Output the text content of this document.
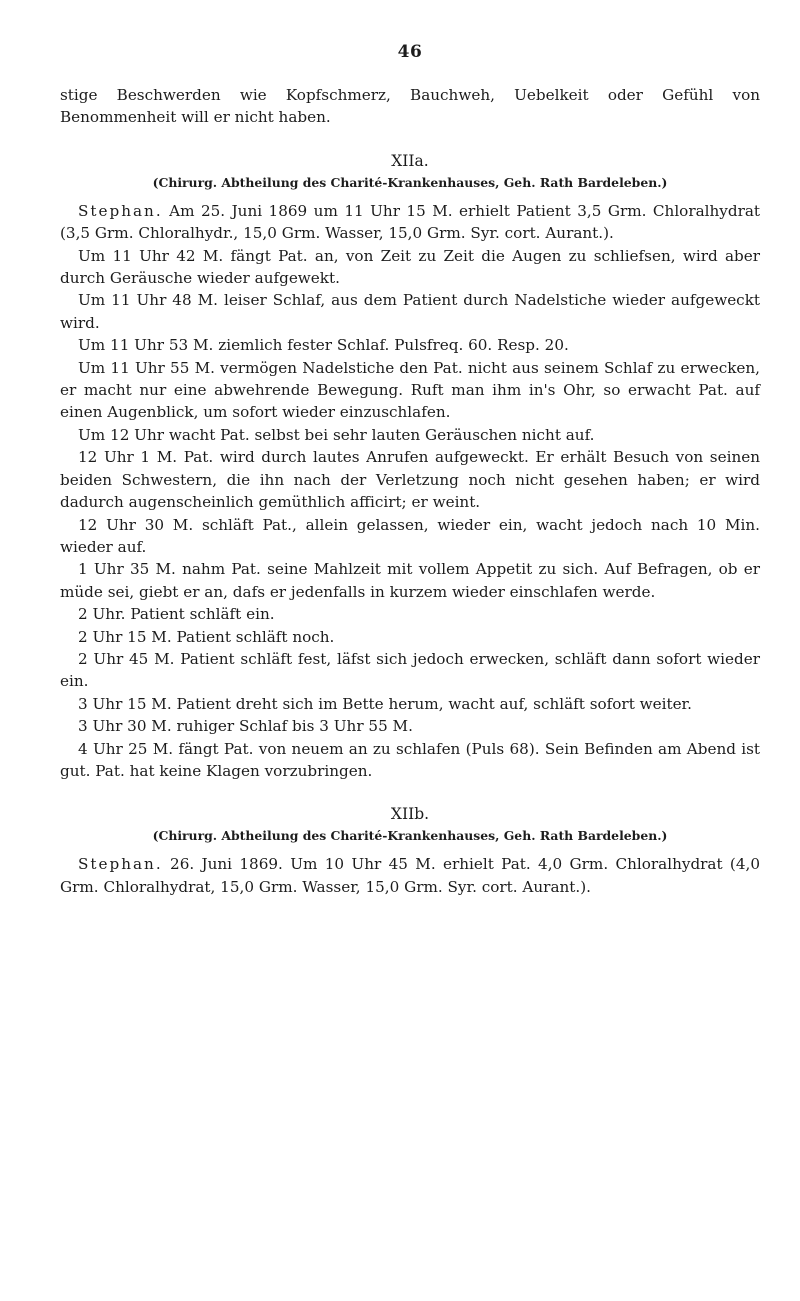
46

stige Beschwerden wie Kopfschmerz, Bauchweh, Uebelkeit oder Gefühl von Benommenheit will er nicht haben.

XIIa.

(Chirurg. Abtheilung des Charité-Krankenhauses, Geh. Rath Bardeleben.)

Stephan. Am 25. Juni 1869 um 11 Uhr 15 M. erhielt Patient 3,5 Grm. Chloralhydrat (3,5 Grm. Chloralhydr., 15,0 Grm. Wasser, 15,0 Grm. Syr. cort. Aurant.).

Um 11 Uhr 42 M. fängt Pat. an, von Zeit zu Zeit die Augen zu schliefsen, wird aber durch Geräusche wieder aufgewekt.

Um 11 Uhr 48 M. leiser Schlaf, aus dem Patient durch Nadelstiche wieder aufgeweckt wird.

Um 11 Uhr 53 M. ziemlich fester Schlaf. Pulsfreq. 60. Resp. 20.

Um 11 Uhr 55 M. vermögen Nadelstiche den Pat. nicht aus seinem Schlaf zu erwecken, er macht nur eine abwehrende Bewegung. Ruft man ihm in's Ohr, so erwacht Pat. auf einen Augenblick, um sofort wieder einzuschlafen.

Um 12 Uhr wacht Pat. selbst bei sehr lauten Geräuschen nicht auf.

12 Uhr 1 M. Pat. wird durch lautes Anrufen aufgeweckt. Er erhält Besuch von seinen beiden Schwestern, die ihn nach der Verletzung noch nicht gesehen haben; er wird dadurch augenscheinlich gemüthlich afficirt; er weint.

12 Uhr 30 M. schläft Pat., allein gelassen, wieder ein, wacht jedoch nach 10 Min. wieder auf.

1 Uhr 35 M. nahm Pat. seine Mahlzeit mit vollem Appetit zu sich. Auf Befragen, ob er müde sei, giebt er an, dafs er jedenfalls in kurzem wieder einschlafen werde.

2 Uhr. Patient schläft ein.

2 Uhr 15 M. Patient schläft noch.

2 Uhr 45 M. Patient schläft fest, läfst sich jedoch erwecken, schläft dann sofort wieder ein.

3 Uhr 15 M. Patient dreht sich im Bette herum, wacht auf, schläft sofort weiter.

3 Uhr 30 M. ruhiger Schlaf bis 3 Uhr 55 M.

4 Uhr 25 M. fängt Pat. von neuem an zu schlafen (Puls 68). Sein Befinden am Abend ist gut. Pat. hat keine Klagen vorzubringen.

XIIb.

(Chirurg. Abtheilung des Charité-Krankenhauses, Geh. Rath Bardeleben.)

Stephan. 26. Juni 1869. Um 10 Uhr 45 M. erhielt Pat. 4,0 Grm. Chloralhydrat (4,0 Grm. Chloralhydrat, 15,0 Grm. Wasser, 15,0 Grm. Syr. cort. Aurant.).
